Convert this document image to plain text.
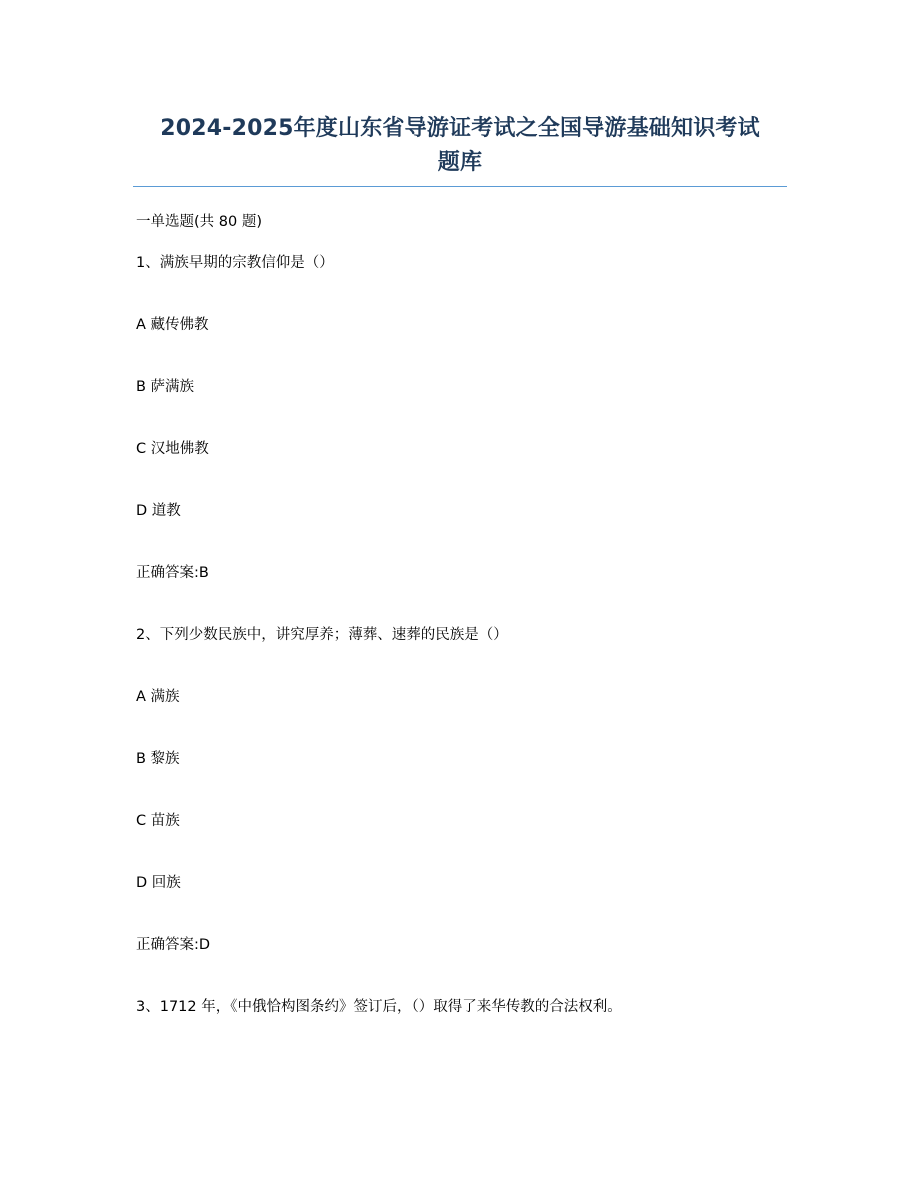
2024-2025年度山东省导游证考试之全国导游基础知识考试
题库
一单选题(共 80 题)
1、满族早期的宗教信仰是（）
A 藏传佛教
B 萨满族
C 汉地佛教
D 道教
正确答案:B
2、下列少数民族中，讲究厚养；薄葬、速葬的民族是（）
A 满族
B 黎族
C 苗族
D 回族
正确答案:D
3、1712 年，《中俄恰构图条约》签订后，（）取得了来华传教的合法权利。
